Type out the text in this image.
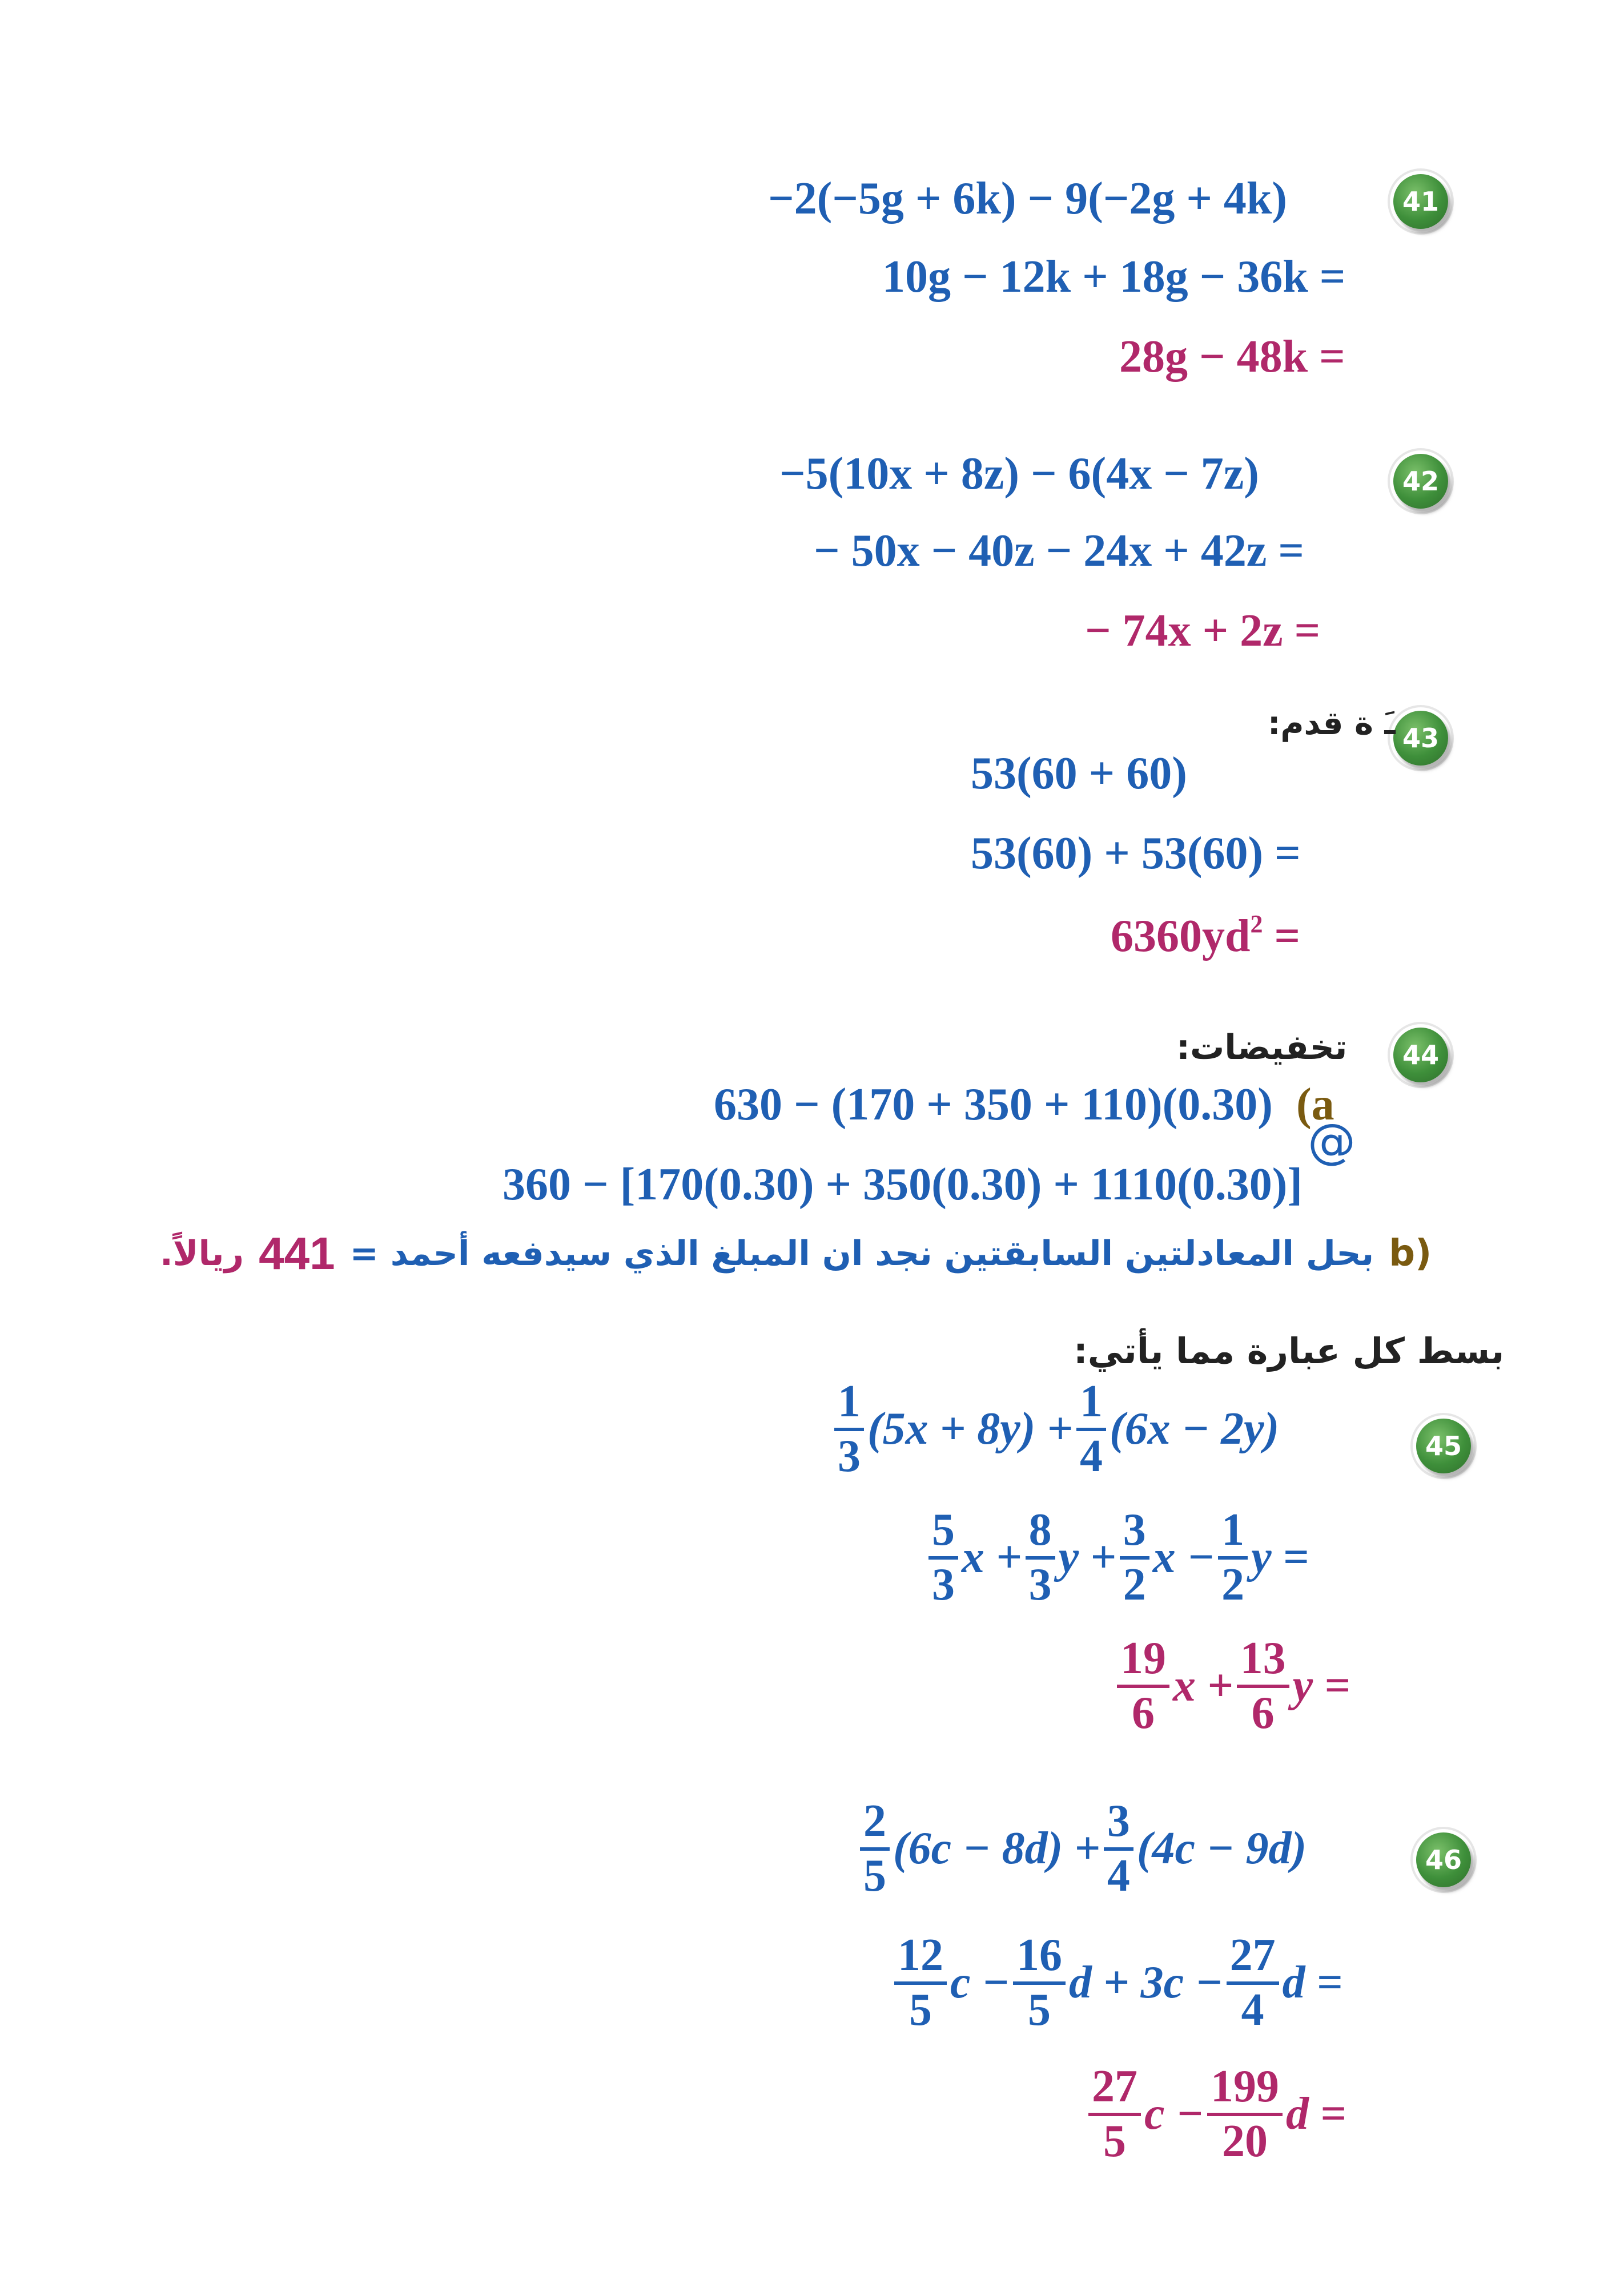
41
−2(−5g + 6k) − 9(−2g + 4k)
10g − 12k + 18g − 36k =
28g − 48k =
42
−5(10x + 8z) − 6(4x − 7z)
− 50x − 40z − 24x + 42z =
− 74x + 2z =
43
ـَ ة قدم:
53(60 + 60)
53(60) + 53(60) =
$6360yd^2$ =
44
تخفيضات:
630 − (170 + 350 + 110)(0.30) (a
@
360 − [170(0.30) + 350(0.30) + 1110(0.30)]
b)
بحل المعادلتين السابقتين نجد ان المبلغ الذي سيدفعه أحمد =
441
ريالاً.
بسط كل عبارة مما يأتي:
45
$\frac{1}{3} (5x + 8y) + \frac{1}{4} (6x - 2y)$
$\frac{5}{3}$ $x + \frac{8}{3}$ $y + \frac{3}{2}$ $x - \frac{1}{2}$ y =
$\frac{19}{6}$ $x + \frac{13}{6}$ y =
46
$\frac{2}{5} (6c - 8d) + \frac{3}{4} (4c - 9d)$
$\frac{12}{5}$ $c - \frac{16}{5}$ $d + 3c - \frac{27}{4}$ d =
$\frac{27}{5}$ $c - \frac{199}{20}$ d =
